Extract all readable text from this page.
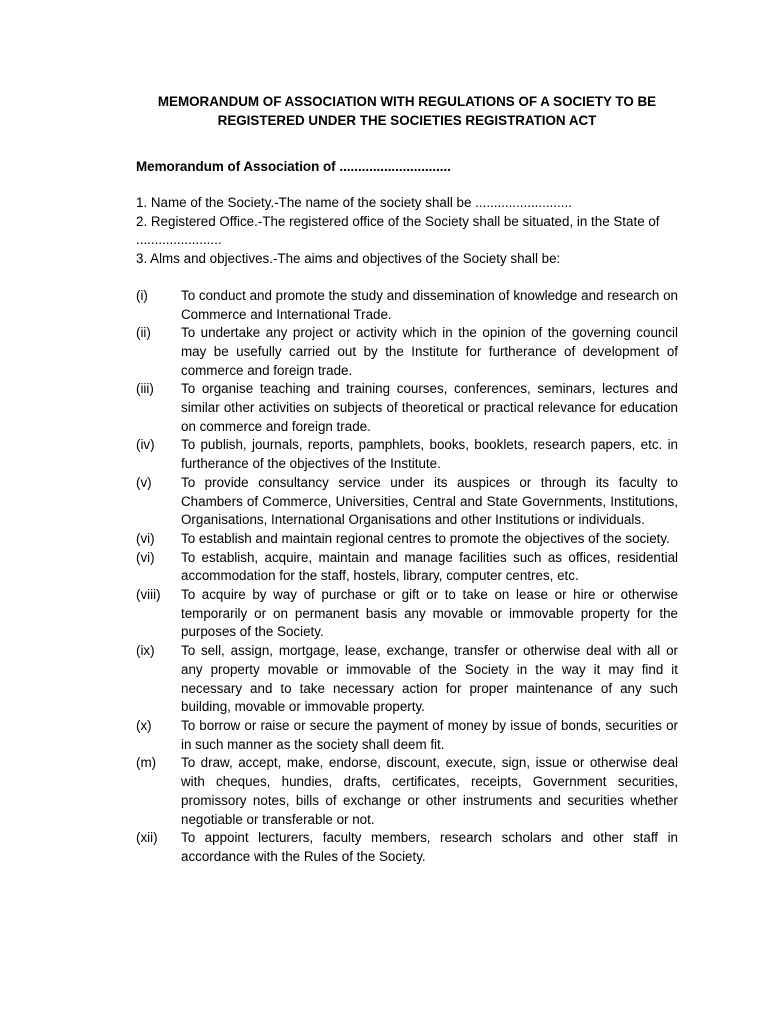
MEMORANDUM OF ASSOCIATION WITH REGULATIONS OF A SOCIETY TO BE
REGISTERED UNDER THE SOCIETIES REGISTRATION ACT

Memorandum of Association of ..............................

1. Name of the Society.-The name of the society shall be ..........................

2. Registered Office.-The registered office of the Society shall be situated, in the State of .......................

3. Alms and objectives.-The aims and objectives of the Society shall be:

(i)	To conduct and promote the study and dissemination of knowledge and research on Commerce and International Trade.
(ii)	To undertake any project or activity which in the opinion of the governing council may be usefully carried out by the Institute for furtherance of development of commerce and foreign trade.
(iii)	To organise teaching and training courses, conferences, seminars, lectures and similar other activities on subjects of theoretical or practical relevance for education on commerce and foreign trade.
(iv)	To publish, journals, reports, pamphlets, books, booklets, research papers, etc. in furtherance of the objectives of the Institute.
(v)	To provide consultancy service under its auspices or through its faculty to Chambers of Commerce, Universities, Central and State Governments, Institutions, Organisations, International Organisations and other Institutions or individuals.
(vi)	To establish and maintain regional centres to promote the objectives of the society.
(vi)	To establish, acquire, maintain and manage facilities such as offices, residential accommodation for the staff, hostels, library, computer centres, etc.
(viii)	To acquire by way of purchase or gift or to take on lease or hire or otherwise temporarily or on permanent basis any movable or immovable property for the purposes of the Society.
(ix)	To sell, assign, mortgage, lease, exchange, transfer or otherwise deal with all or any property movable or immovable of the Society in the way it may find it necessary and to take necessary action for proper maintenance of any such building, movable or immovable property.
(x)	To borrow or raise or secure the payment of money by issue of bonds, securities or in such manner as the society shall deem fit.
(m)	To draw, accept, make, endorse, discount, execute, sign, issue or otherwise deal with cheques, hundies, drafts, certificates, receipts, Government securities, promissory notes, bills of exchange or other instruments and securities whether negotiable or transferable or not.
(xii)	To appoint lecturers, faculty members, research scholars and other staff in accordance with the Rules of the Society.
